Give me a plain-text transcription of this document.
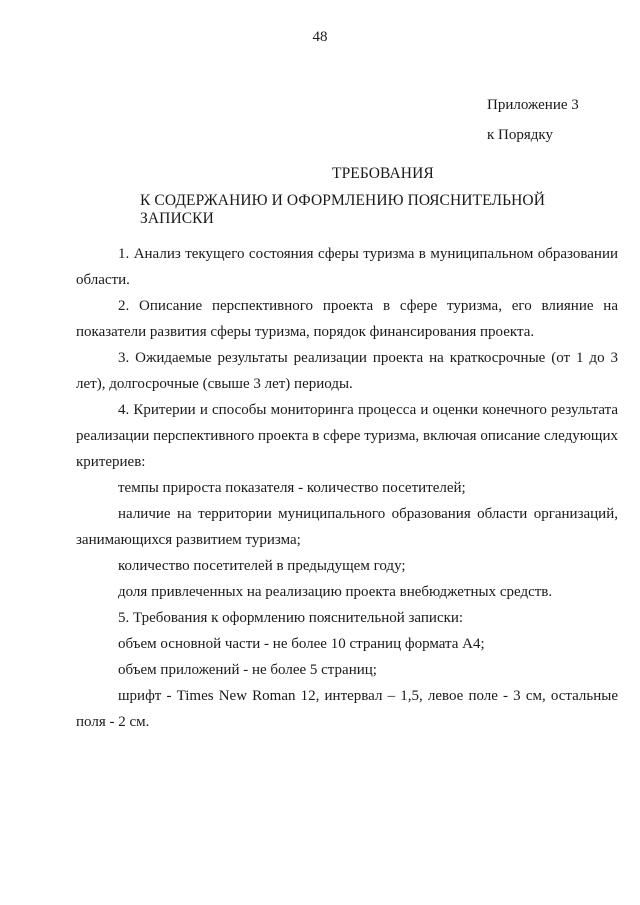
48
Приложение 3
к Порядку
ТРЕБОВАНИЯ
К СОДЕРЖАНИЮ И ОФОРМЛЕНИЮ ПОЯСНИТЕЛЬНОЙ ЗАПИСКИ

1. Анализ текущего состояния сферы туризма в муниципальном образовании области.

2. Описание перспективного проекта в сфере туризма, его влияние на показатели развития сферы туризма, порядок финансирования проекта.

3. Ожидаемые результаты реализации проекта на краткосрочные (от 1 до 3 лет), долгосрочные (свыше 3 лет) периоды.

4. Критерии и способы мониторинга процесса и оценки конечного результата реализации перспективного проекта в сфере туризма, включая описание следующих критериев:

темпы прироста показателя - количество посетителей;

наличие на территории муниципального образования области организаций, занимающихся развитием туризма;

количество посетителей в предыдущем году;

доля привлеченных на реализацию проекта внебюджетных средств.

5. Требования к оформлению пояснительной записки:

объем основной части - не более 10 страниц формата А4;

объем приложений - не более 5 страниц;

шрифт - Times New Roman 12, интервал – 1,5, левое поле - 3 см, остальные поля - 2 см.
